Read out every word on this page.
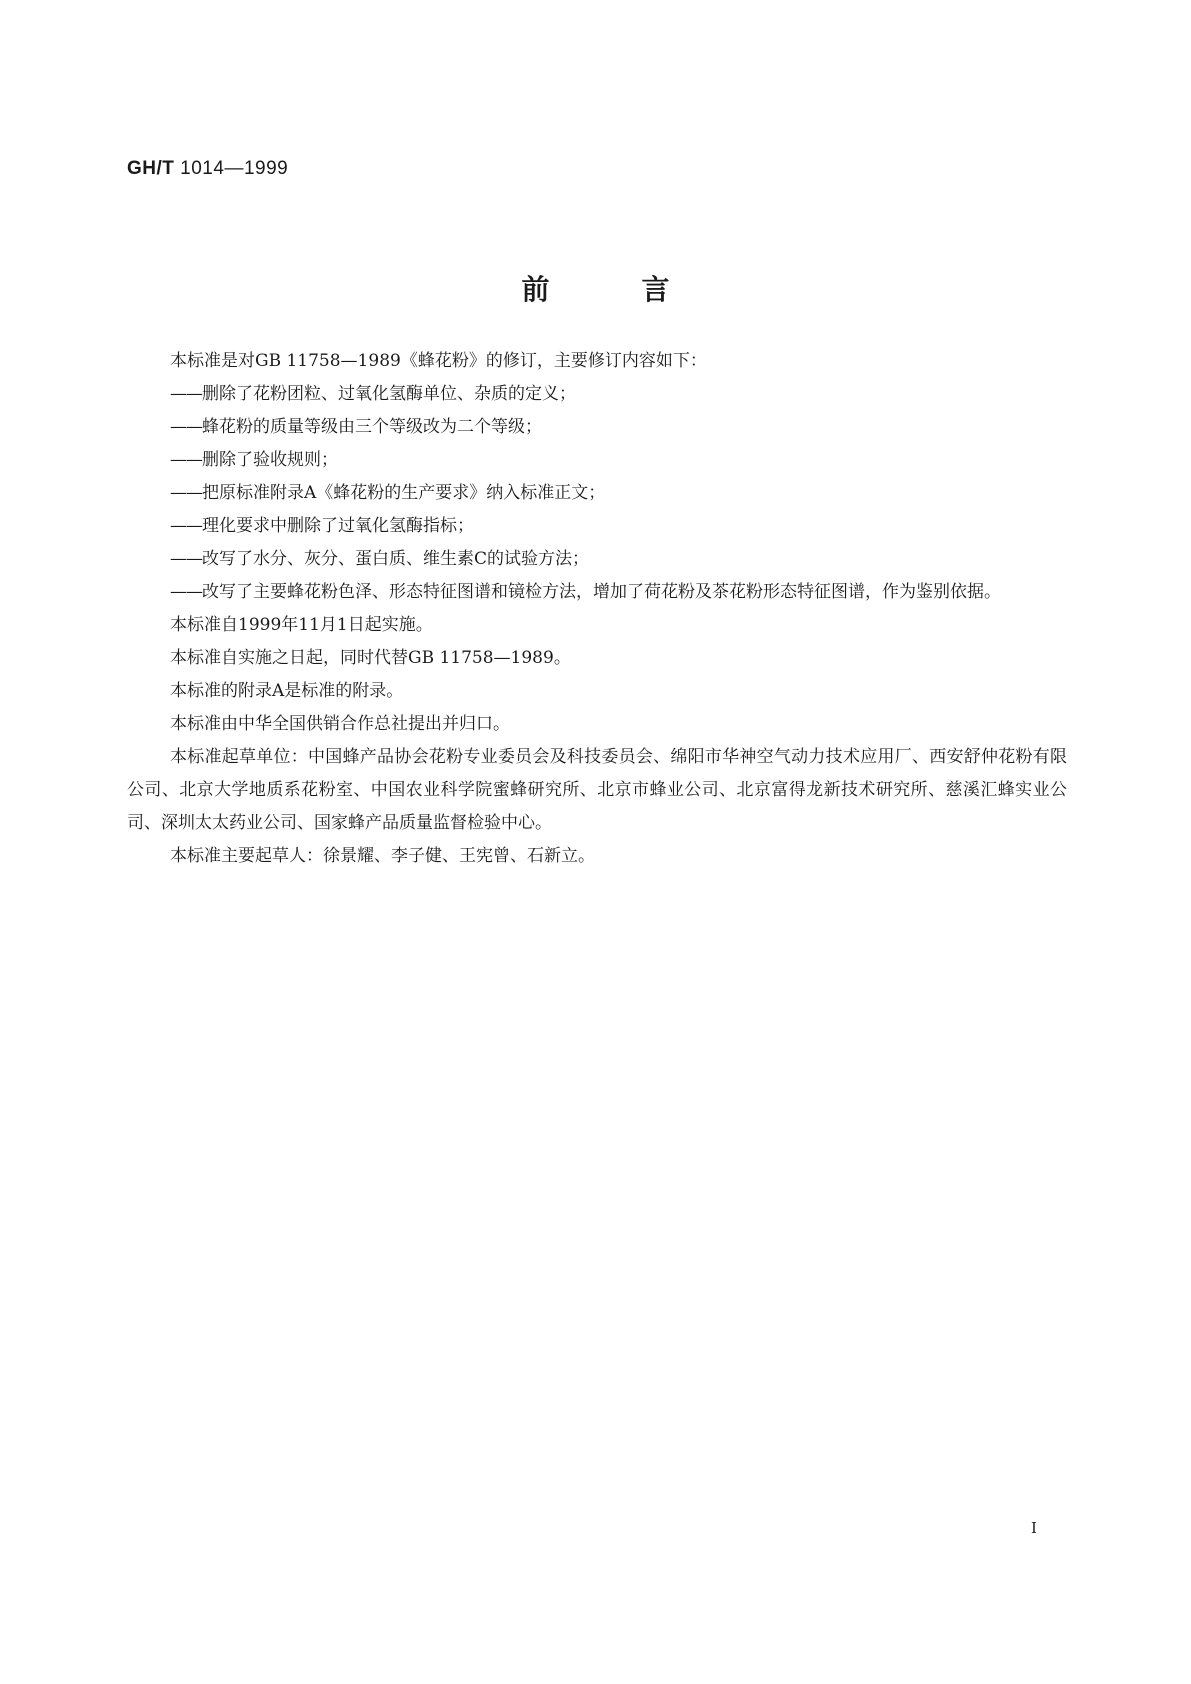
GH/T 1014—1999
前言

本标准是对GB 11758—1989《蜂花粉》的修订，主要修订内容如下：

——删除了花粉团粒、过氧化氢酶单位、杂质的定义；

——蜂花粉的质量等级由三个等级改为二个等级；

——删除了验收规则；

——把原标准附录A《蜂花粉的生产要求》纳入标准正文；

——理化要求中删除了过氧化氢酶指标；

——改写了水分、灰分、蛋白质、维生素C的试验方法；

——改写了主要蜂花粉色泽、形态特征图谱和镜检方法，增加了荷花粉及茶花粉形态特征图谱，作为鉴别依据。

本标准自1999年11月1日起实施。

本标准自实施之日起，同时代替GB 11758—1989。

本标准的附录A是标准的附录。

本标准由中华全国供销合作总社提出并归口。

本标准起草单位：中国蜂产品协会花粉专业委员会及科技委员会、绵阳市华神空气动力技术应用厂、西安舒仲花粉有限公司、北京大学地质系花粉室、中国农业科学院蜜蜂研究所、北京市蜂业公司、北京富得龙新技术研究所、慈溪汇蜂实业公司、深圳太太药业公司、国家蜂产品质量监督检验中心。

本标准主要起草人：徐景耀、李子健、王宪曾、石新立。

I
